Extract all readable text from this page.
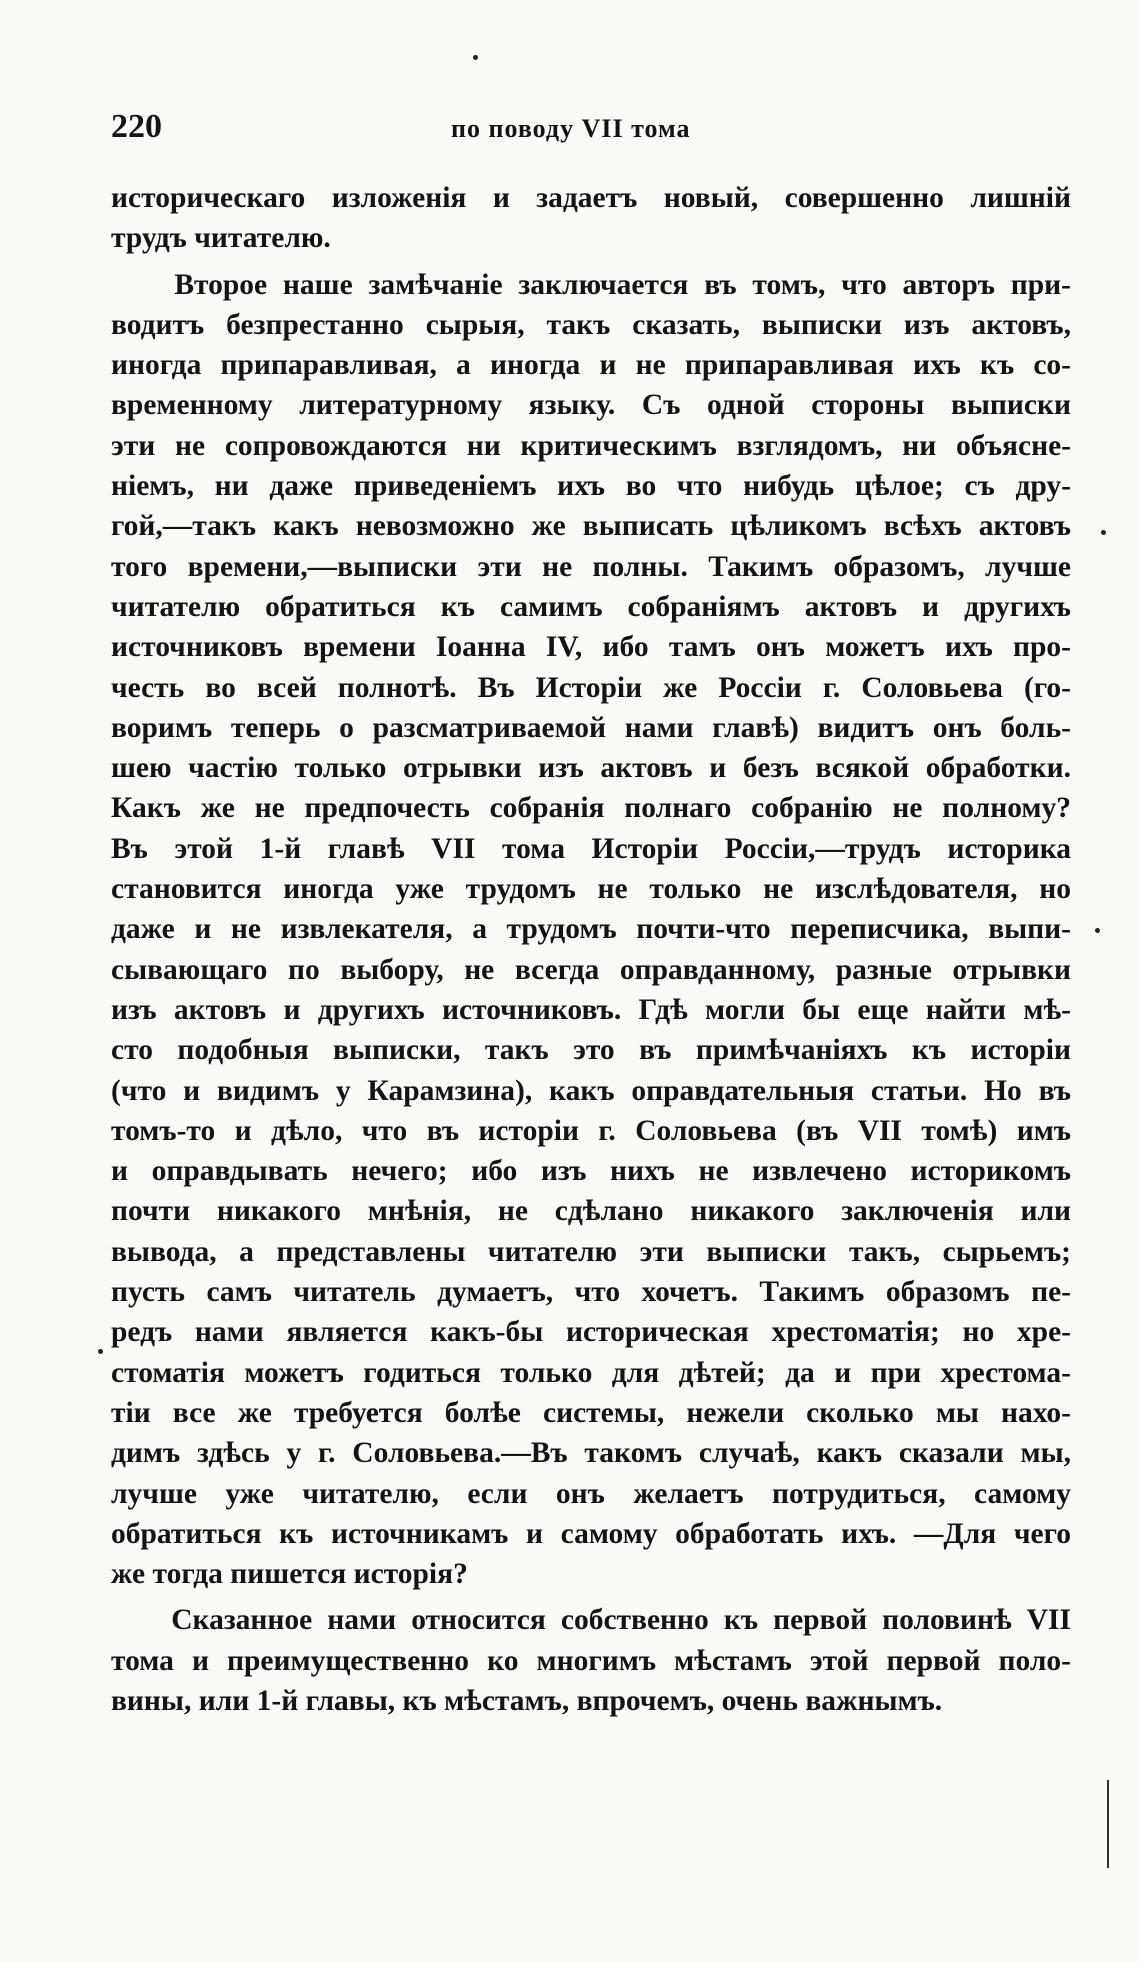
220	по поводу VII тома
историческаго изложенія и задаетъ новый, совершенно лишній
трудъ читателю.
Второе наше замѣчаніе заключается въ томъ, что авторъ при-
водитъ безпрестанно сырыя, такъ сказать, выписки изъ актовъ,
иногда припаравливая, а иногда и не припаравливая ихъ къ со-
временному литературному языку. Съ одной стороны выписки
эти не сопровождаются ни критическимъ взглядомъ, ни объясне-
ніемъ, ни даже приведеніемъ ихъ во что нибудь цѣлое; съ дру-
гой,—такъ какъ невозможно же выписать цѣликомъ всѣхъ актовъ
того времени,—выписки эти не полны. Такимъ образомъ, лучше
читателю обратиться къ самимъ собраніямъ актовъ и другихъ
источниковъ времени Іоанна IV, ибо тамъ онъ можетъ ихъ про-
честь во всей полнотѣ. Въ Исторіи же Россіи г. Соловьева (го-
воримъ теперь о разсматриваемой нами главѣ) видитъ онъ боль-
шею частію только отрывки изъ актовъ и безъ всякой обработки.
Какъ же не предпочесть собранія полнаго собранію не полному?
Въ этой 1-й главѣ VII тома Исторіи Россіи,—трудъ историка
становится иногда уже трудомъ не только не изслѣдователя, но
даже и не извлекателя, а трудомъ почти-что переписчика, выпи-
сывающаго по выбору, не всегда оправданному, разные отрывки
изъ актовъ и другихъ источниковъ. Гдѣ могли бы еще найти мѣ-
сто подобныя выписки, такъ это въ примѣчаніяхъ къ исторіи
(что и видимъ у Карамзина), какъ оправдательныя статьи. Но въ
томъ-то и дѣло, что въ исторіи г. Соловьева (въ VII томѣ) имъ
и оправдывать нечего; ибо изъ нихъ не извлечено историкомъ
почти никакого мнѣнія, не сдѣлано никакого заключенія или
вывода, а представлены читателю эти выписки такъ, сырьемъ;
пусть самъ читатель думаетъ, что хочетъ. Такимъ образомъ пе-
редъ нами является какъ-бы историческая хрестоматія; но хре-
стоматія можетъ годиться только для дѣтей; да и при хрестома-
тіи все же требуется болѣе системы, нежели сколько мы нахо-
димъ здѣсь у г. Соловьева.—Въ такомъ случаѣ, какъ сказали мы,
лучше уже читателю, если онъ желаетъ потрудиться, самому
обратиться къ источникамъ и самому обработать ихъ. —Для чего
же тогда пишется исторія?
Сказанное нами относится собственно къ первой половинѣ VII
тома и преимущественно ко многимъ мѣстамъ этой первой поло-
вины, или 1-й главы, къ мѣстамъ, впрочемъ, очень важнымъ.
